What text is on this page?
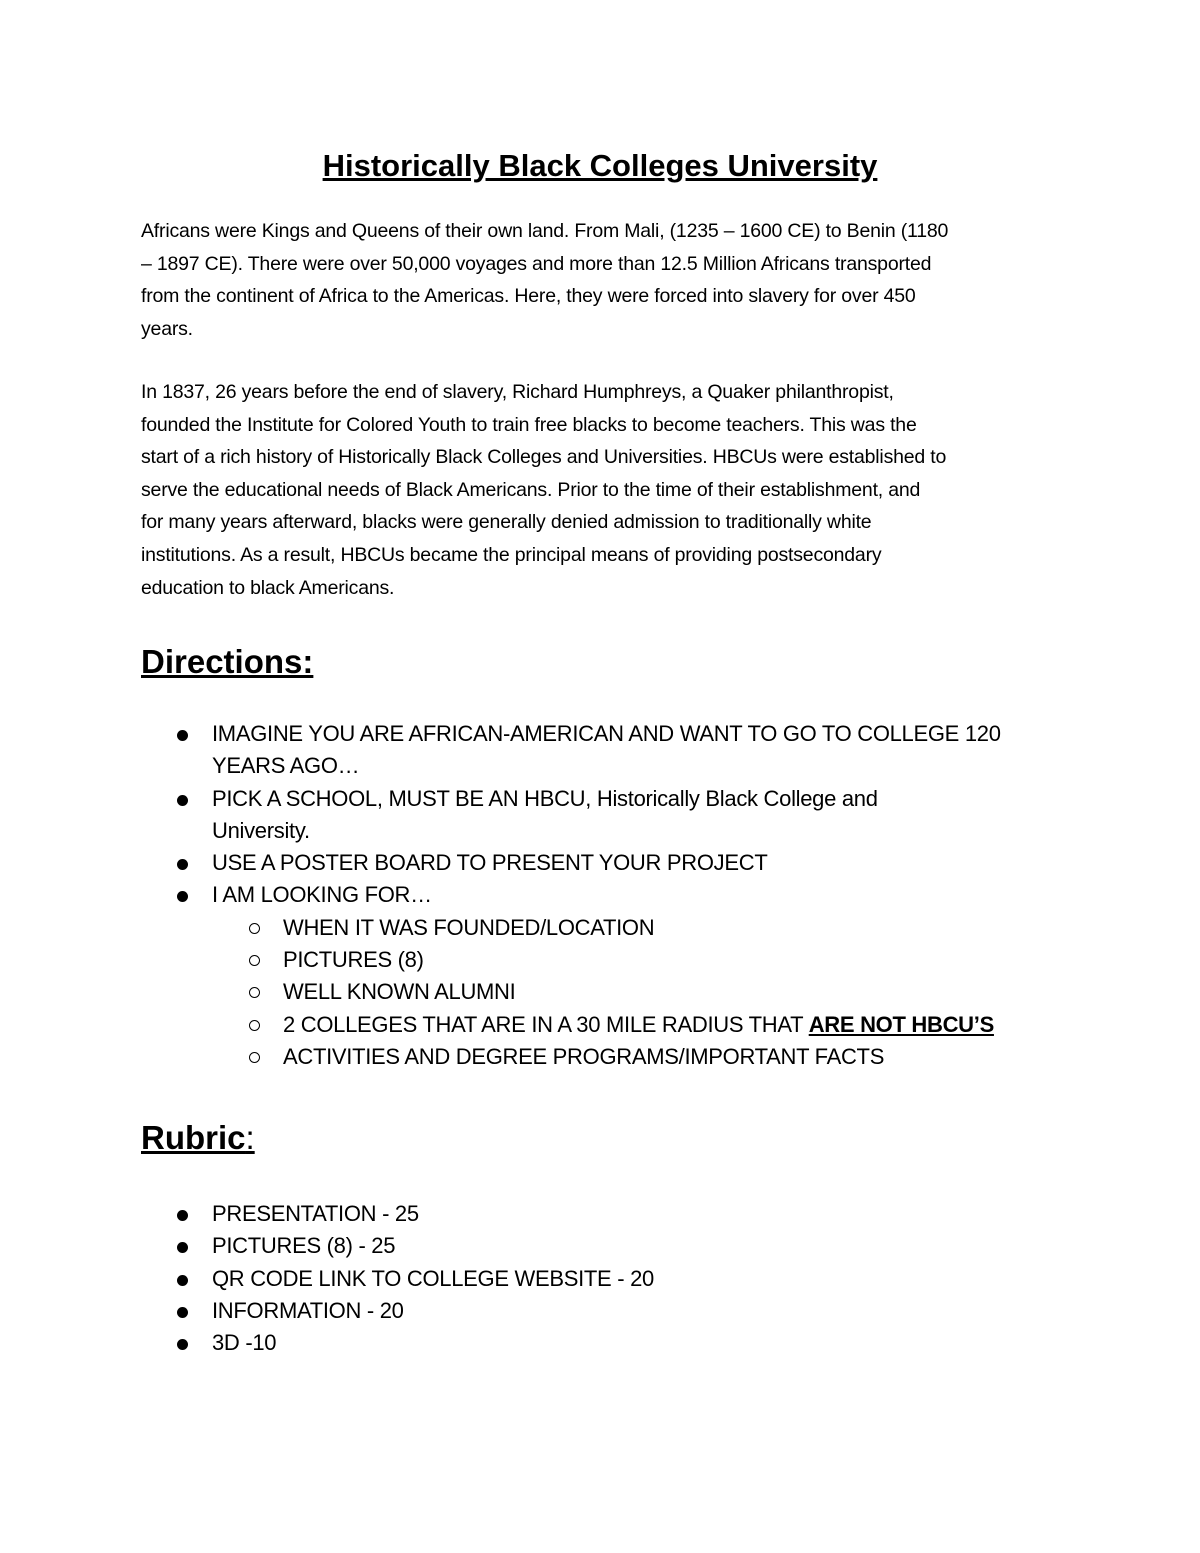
Historically Black Colleges University

Africans were Kings and Queens of their own land. From Mali, (1235 – 1600 CE) to Benin (1180
– 1897 CE). There were over 50,000 voyages and more than 12.5 Million Africans transported
from the continent of Africa to the Americas. Here, they were forced into slavery for over 450
years.

In 1837, 26 years before the end of slavery, Richard Humphreys, a Quaker philanthropist,
founded the Institute for Colored Youth to train free blacks to become teachers. This was the
start of a rich history of Historically Black Colleges and Universities. HBCUs were established to
serve the educational needs of Black Americans. Prior to the time of their establishment, and
for many years afterward, blacks were generally denied admission to traditionally white
institutions. As a result, HBCUs became the principal means of providing postsecondary
education to black Americans.

Directions:
IMAGINE YOU ARE AFRICAN-AMERICAN AND WANT TO GO TO COLLEGE 120
YEARS AGO…
PICK A SCHOOL, MUST BE AN HBCU, Historically Black College and
University.
USE A POSTER BOARD TO PRESENT YOUR PROJECT
I AM LOOKING FOR…
WHEN IT WAS FOUNDED/LOCATION
PICTURES (8)
WELL KNOWN ALUMNI
2 COLLEGES THAT ARE IN A 30 MILE RADIUS THAT ARE NOT HBCU’S
ACTIVITIES AND DEGREE PROGRAMS/IMPORTANT FACTS
Rubric:
PRESENTATION - 25
PICTURES (8) - 25
QR CODE LINK TO COLLEGE WEBSITE - 20
INFORMATION - 20
3D -10
